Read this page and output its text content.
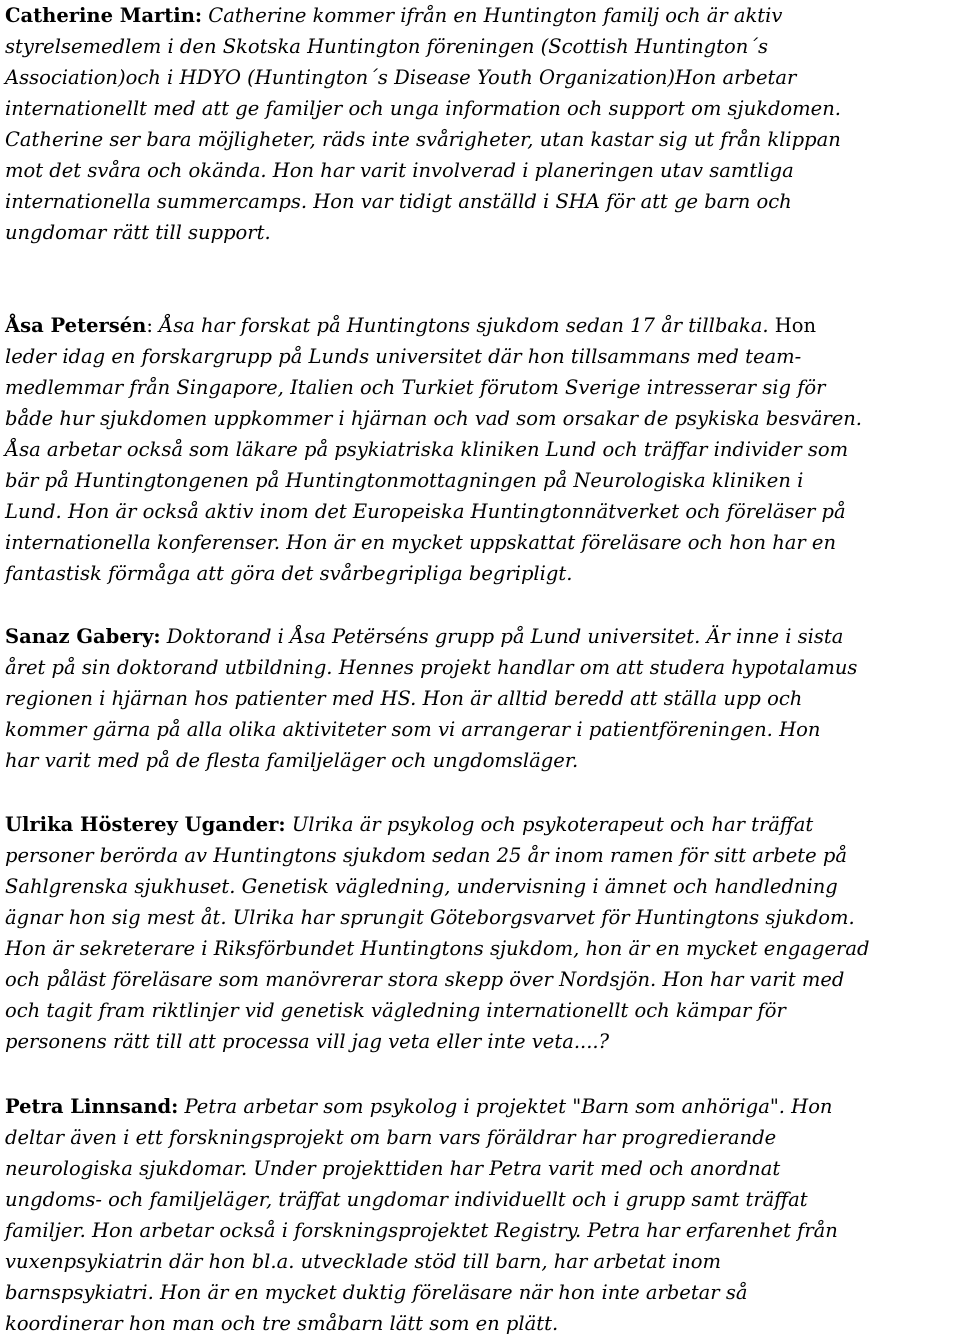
Catherine Martin: Catherine kommer ifrån en Huntington familj och är aktiv
styrelsemedlem i den Skotska Huntington föreningen (Scottish Huntington´s
Association)och i HDYO (Huntington´s Disease Youth Organization)Hon arbetar
internationellt med att ge familjer och unga information och support om sjukdomen.
Catherine ser bara möjligheter, räds inte svårigheter, utan kastar sig ut från klippan
mot det svåra och okända. Hon har varit involverad i planeringen utav samtliga
internationella summercamps. Hon var tidigt anställd i SHA för att ge barn och
ungdomar rätt till support.

Åsa Petersén: Åsa har forskat på Huntingtons sjukdom sedan 17 år tillbaka. Hon
leder idag en forskargrupp på Lunds universitet där hon tillsammans med team-
medlemmar från Singapore, Italien och Turkiet förutom Sverige intresserar sig för
både hur sjukdomen uppkommer i hjärnan och vad som orsakar de psykiska besvären.
Åsa arbetar också som läkare på psykiatriska kliniken Lund och träffar individer som
bär på Huntingtongenen på Huntingtonmottagningen på Neurologiska kliniken i
Lund. Hon är också aktiv inom det Europeiska Huntingtonnätverket och föreläser på
internationella konferenser. Hon är en mycket uppskattat föreläsare och hon har en
fantastisk förmåga att göra det svårbegripliga begripligt.

Sanaz Gabery: Doktorand i Åsa Petërséns grupp på Lund universitet. Är inne i sista
året på sin doktorand utbildning. Hennes projekt handlar om att studera hypotalamus
regionen i hjärnan hos patienter med HS. Hon är alltid beredd att ställa upp och
kommer gärna på alla olika aktiviteter som vi arrangerar i patientföreningen. Hon
har varit med på de flesta familjeläger och ungdomsläger.

Ulrika Hösterey Ugander: Ulrika är psykolog och psykoterapeut och har träffat
personer berörda av Huntingtons sjukdom sedan 25 år inom ramen för sitt arbete på
Sahlgrenska sjukhuset. Genetisk vägledning, undervisning i ämnet och handledning
ägnar hon sig mest åt. Ulrika har sprungit Göteborgsvarvet för Huntingtons sjukdom.
Hon är sekreterare i Riksförbundet Huntingtons sjukdom, hon är en mycket engagerad
och påläst föreläsare som manövrerar stora skepp över Nordsjön. Hon har varit med
och tagit fram riktlinjer vid genetisk vägledning internationellt och kämpar för
personens rätt till att processa vill jag veta eller inte veta....?

Petra Linnsand: Petra arbetar som psykolog i projektet "Barn som anhöriga". Hon
deltar även i ett forskningsprojekt om barn vars föräldrar har progredierande
neurologiska sjukdomar. Under projekttiden har Petra varit med och anordnat
ungdoms- och familjeläger, träffat ungdomar individuellt och i grupp samt träffat
familjer. Hon arbetar också i forskningsprojektet Registry. Petra har erfarenhet från
vuxenpsykiatrin där hon bl.a. utvecklade stöd till barn, har arbetat inom
barnspsykiatri. Hon är en mycket duktig föreläsare när hon inte arbetar så
koordinerar hon man och tre småbarn lätt som en plätt.
